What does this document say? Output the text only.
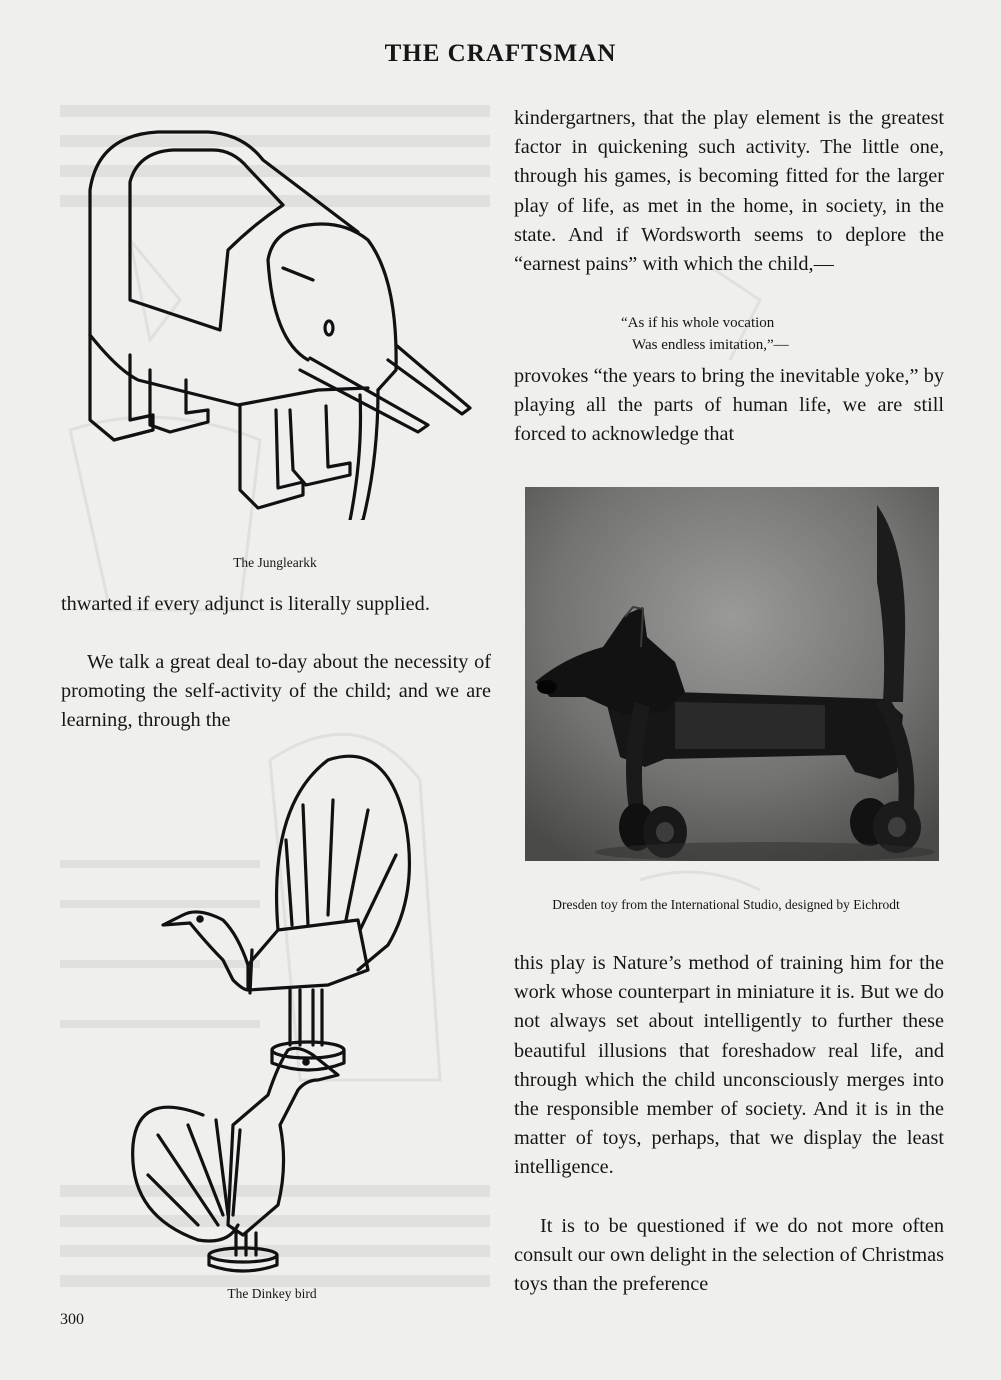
THE CRAFTSMAN
The Junglearkk

thwarted if every adjunct is literally supplied.

We talk a great deal to-day about the necessity of promoting the self-activity of the child; and we are learning, through the

The Dinkey bird

kindergartners, that the play element is the greatest factor in quickening such activity. The little one, through his games, is becoming fitted for the larger play of life, as met in the home, in society, in the state. And if Wordsworth seems to deplore the “earnest pains” with which the child,—

“As if his whole vocation
Was endless imitation,”—

provokes “the years to bring the inevitable yoke,” by playing all the parts of human life, we are still forced to acknowledge that

Dresden toy from the International Studio, designed by Eichrodt

this play is Nature’s method of training him for the work whose counterpart in miniature it is. But we do not always set about intelligently to further these beautiful illusions that foreshadow real life, and through which the child unconsciously merges into the responsible member of society. And it is in the matter of toys, perhaps, that we display the least intelligence.

It is to be questioned if we do not more often consult our own delight in the selection of Christmas toys than the preference

300
